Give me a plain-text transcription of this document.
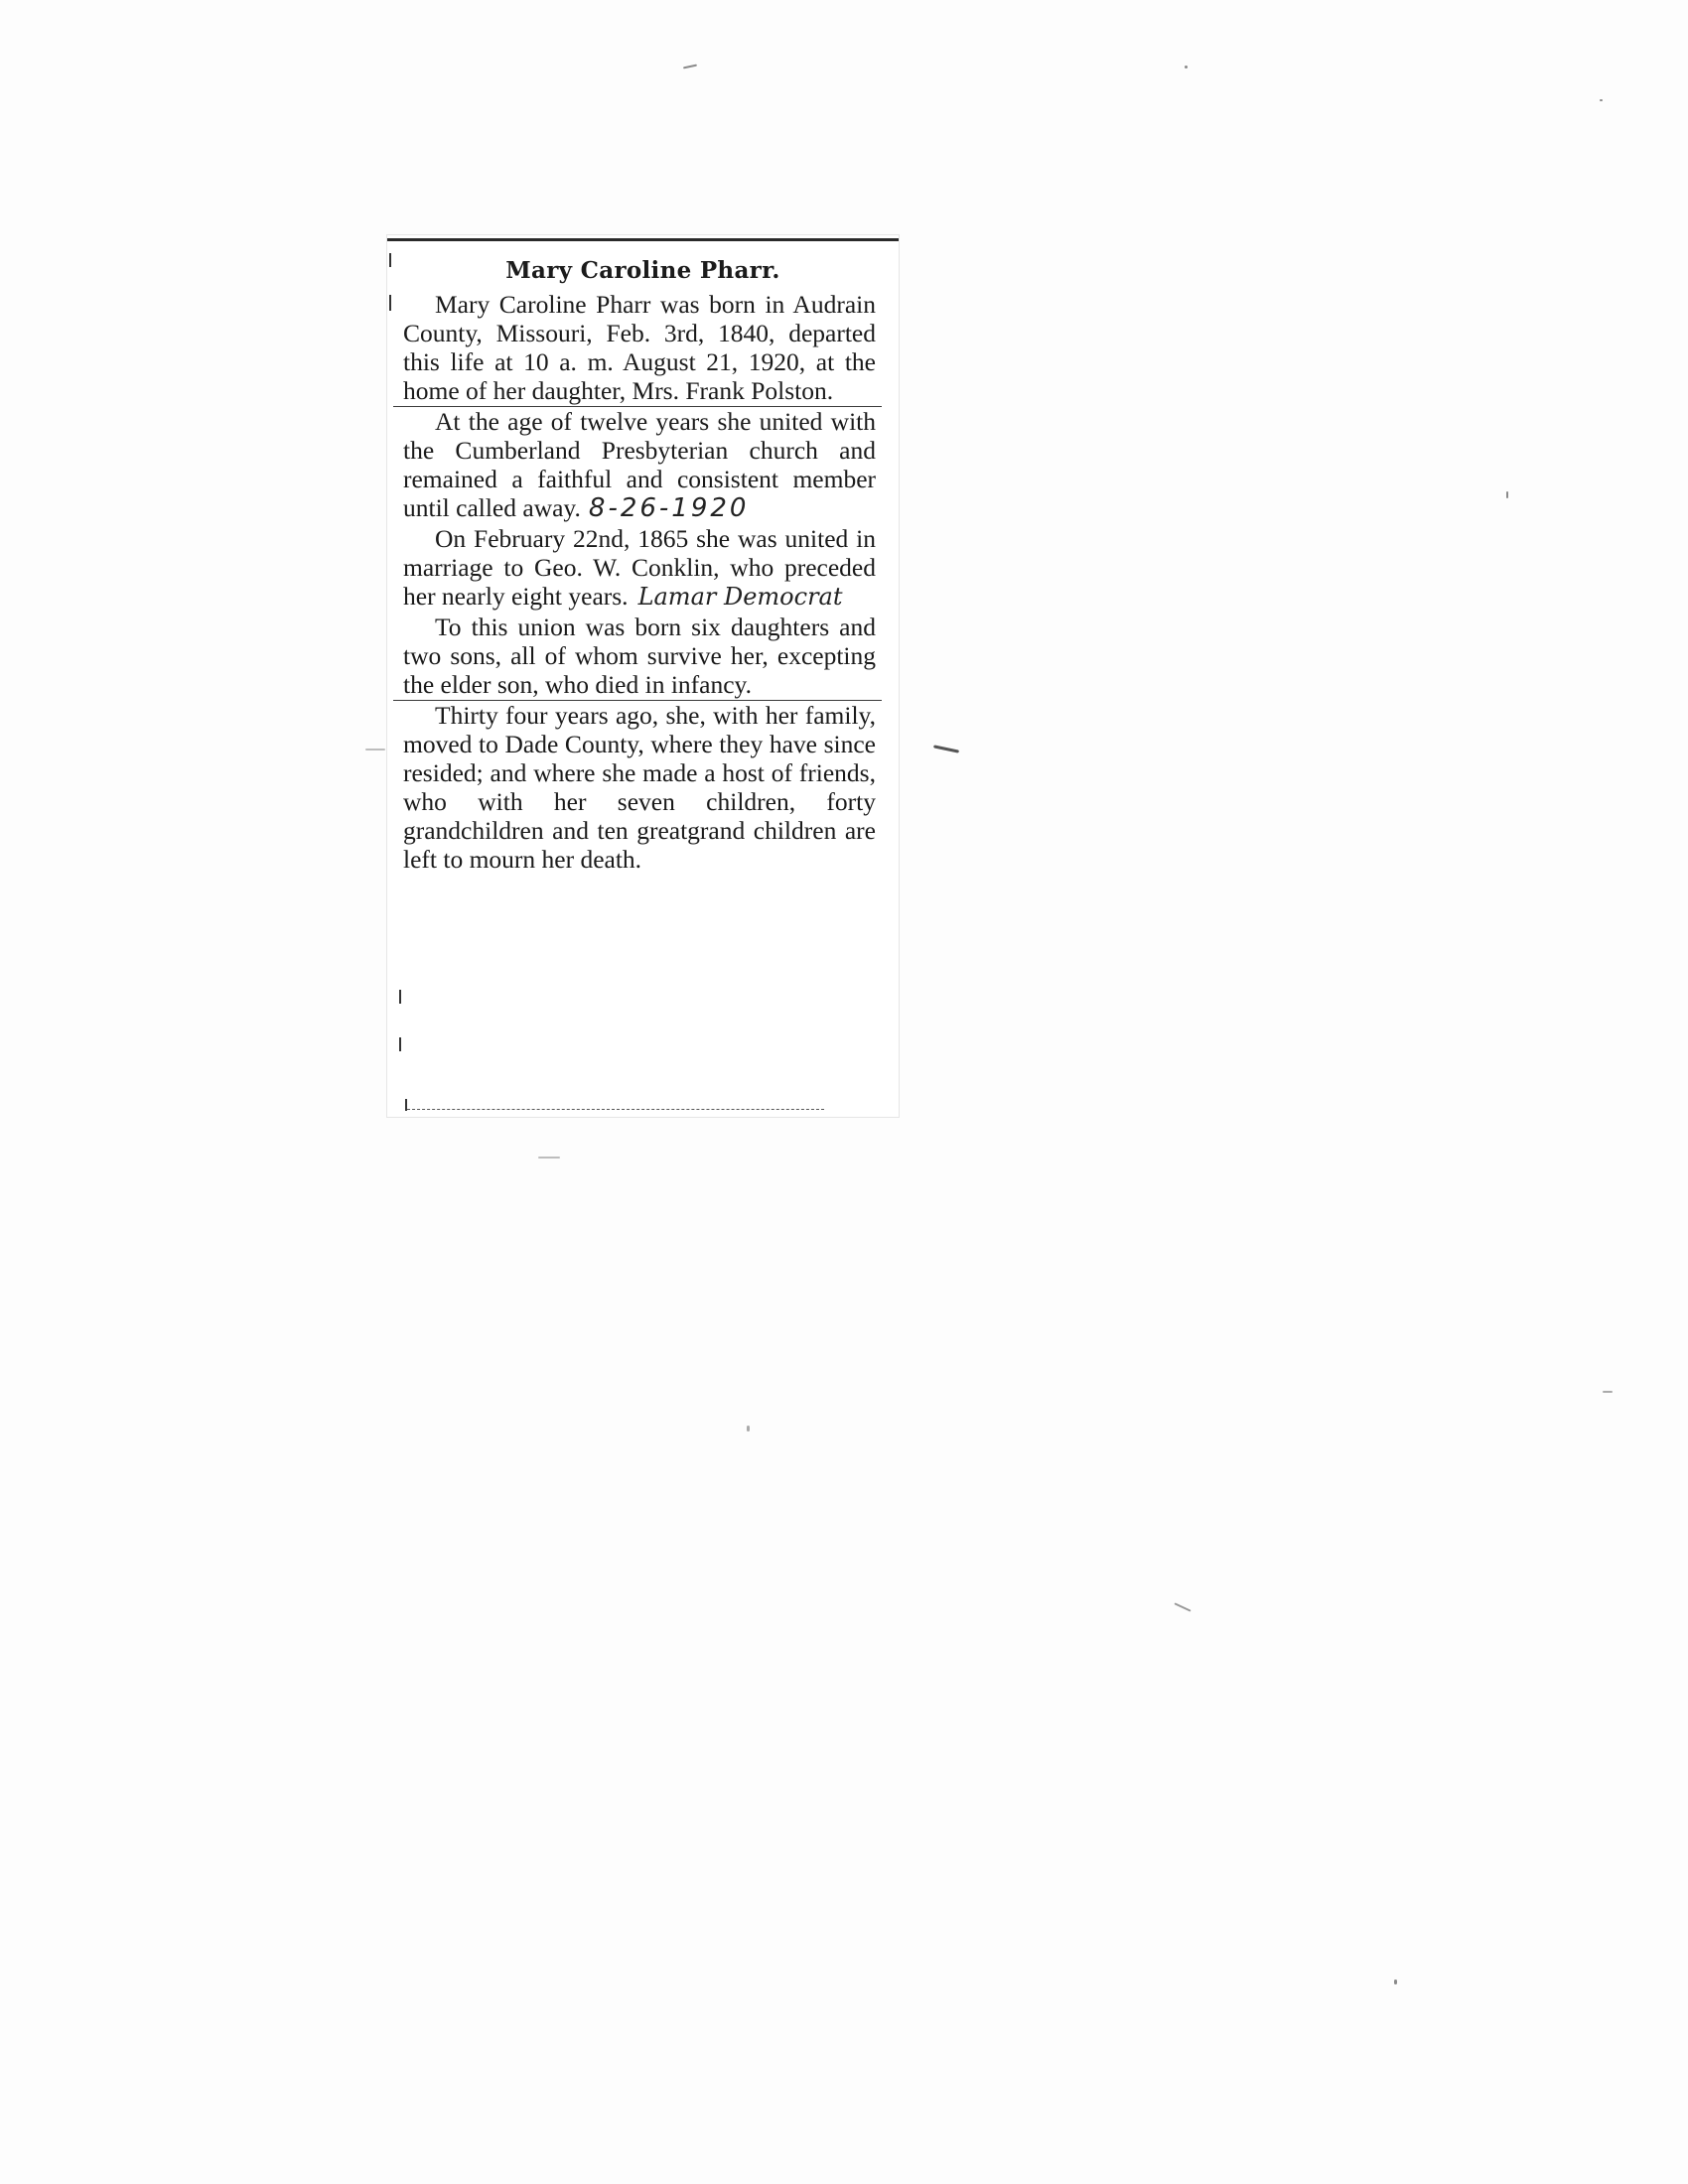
Mary Caroline Pharr.

Mary Caroline Pharr was born in Audrain County, Missouri, Feb. 3rd, 1840, departed this life at 10 a. m. August 21, 1920, at the home of her daughter, Mrs. Frank Polston.

At the age of twelve years she united with the Cumberland Presbyterian church and remained a faithful and consistent member until called away. 8-26-1920

On February 22nd, 1865 she was united in marriage to Geo. W. Conklin, who preceded her nearly eight years. Lamar Democrat

To this union was born six daughters and two sons, all of whom survive her, excepting the elder son, who died in infancy.

Thirty four years ago, she, with her family, moved to Dade County, where they have since resided; and where she made a host of friends, who with her seven children, forty grandchildren and ten greatgrand children are left to mourn her death.
